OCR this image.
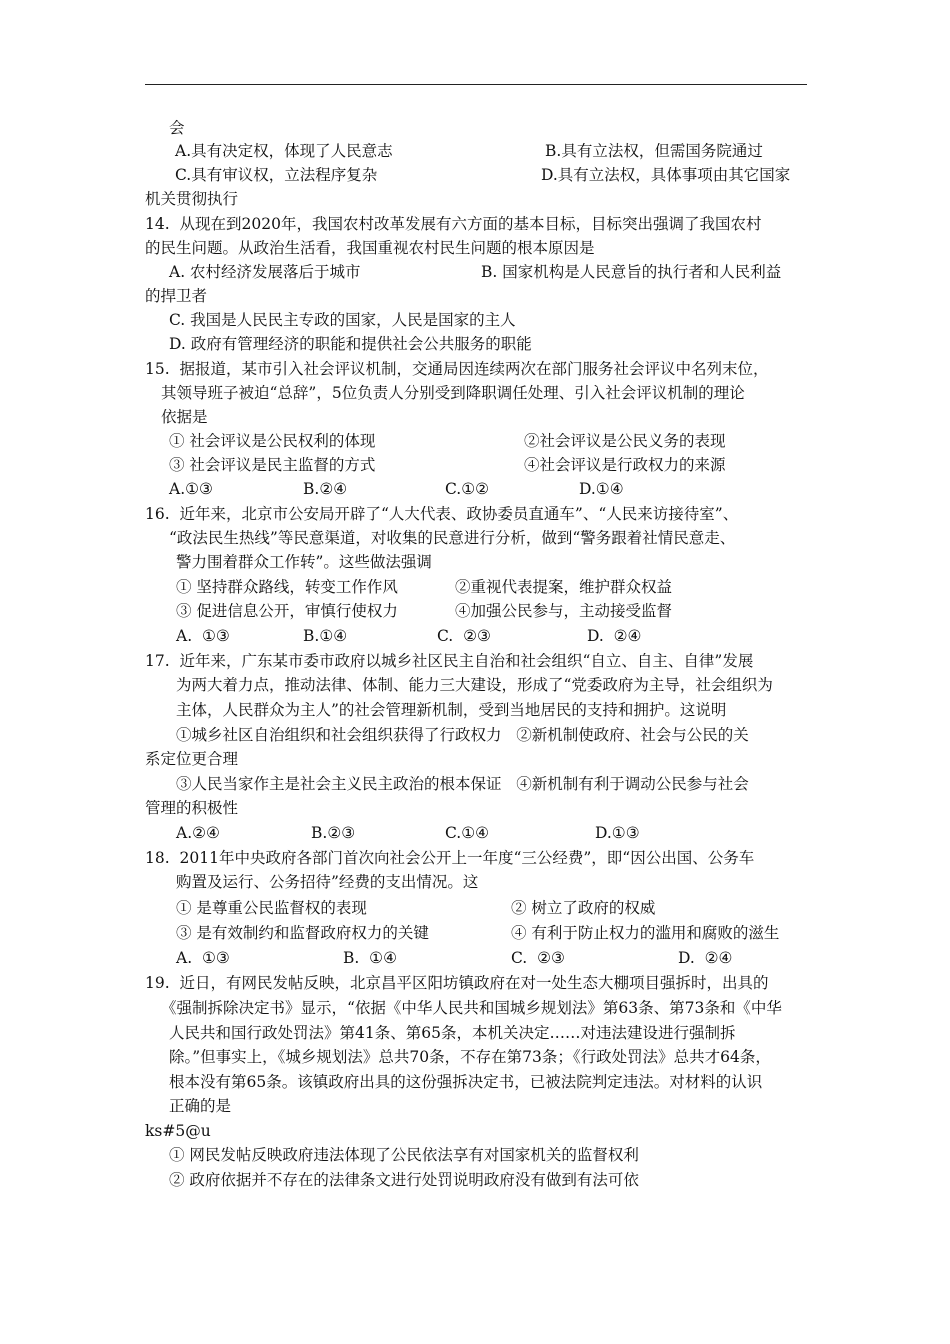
会
A.具有决定权，体现了人民意志	B.具有立法权，但需国务院通过
C.具有审议权，立法程序复杂	D.具有立法权，具体事项由其它国家
机关贯彻执行
14.  从现在到2020年，我国农村改革发展有六方面的基本目标，目标突出强调了我国农村
的民生问题。从政治生活看，我国重视农村民生问题的根本原因是
A. 农村经济发展落后于城市	B. 国家机构是人民意旨的执行者和人民利益
的捍卫者
C. 我国是人民民主专政的国家，人民是国家的主人
D. 政府有管理经济的职能和提供社会公共服务的职能
15.  据报道，某市引入社会评议机制，交通局因连续两次在部门服务社会评议中名列末位，
其领导班子被迫“总辞”，5位负责人分别受到降职调任处理、引入社会评议机制的理论
依据是
① 社会评议是公民权利的体现	②社会评议是公民义务的表现
③ 社会评议是民主监督的方式	④社会评议是行政权力的来源
A.①③	B.②④	C.①②	D.①④
16.  近年来，北京市公安局开辟了“人大代表、政协委员直通车”、“人民来访接待室”、
“政法民生热线”等民意渠道，对收集的民意进行分析，做到“警务跟着社情民意走、
警力围着群众工作转”。这些做法强调
① 坚持群众路线，转变工作作风	②重视代表提案，维护群众权益
③ 促进信息公开，审慎行使权力	④加强公民参与，主动接受监督
A.  ①③	B.①④	C.  ②③	D.  ②④
17.  近年来，广东某市委市政府以城乡社区民主自治和社会组织“自立、自主、自律”发展
为两大着力点，推动法律、体制、能力三大建设，形成了“党委政府为主导，社会组织为
主体，人民群众为主人”的社会管理新机制，受到当地居民的支持和拥护。这说明
①城乡社区自治组织和社会组织获得了行政权力   ②新机制使政府、社会与公民的关
系定位更合理
③人民当家作主是社会主义民主政治的根本保证   ④新机制有利于调动公民参与社会
管理的积极性
A.②④	B.②③	C.①④	D.①③
18.  2011年中央政府各部门首次向社会公开上一年度“三公经费”，即“因公出国、公务车
购置及运行、公务招待”经费的支出情况。这
① 是尊重公民监督权的表现	② 树立了政府的权威
③ 是有效制约和监督政府权力的关键	④ 有利于防止权力的滥用和腐败的滋生
A.  ①③	B.  ①④	C.  ②③	D.  ②④
19.  近日，有网民发帖反映，北京昌平区阳坊镇政府在对一处生态大棚项目强拆时，出具的
《强制拆除决定书》显示，“依据《中华人民共和国城乡规划法》第63条、第73条和《中华
人民共和国行政处罚法》第41条、第65条，本机关决定……对违法建设进行强制拆
除。”但事实上，《城乡规划法》总共70条，不存在第73条；《行政处罚法》总共才64条，
根本没有第65条。该镇政府出具的这份强拆决定书，已被法院判定违法。对材料的认识
正确的是
ks#5@u
① 网民发帖反映政府违法体现了公民依法享有对国家机关的监督权利
② 政府依据并不存在的法律条文进行处罚说明政府没有做到有法可依
